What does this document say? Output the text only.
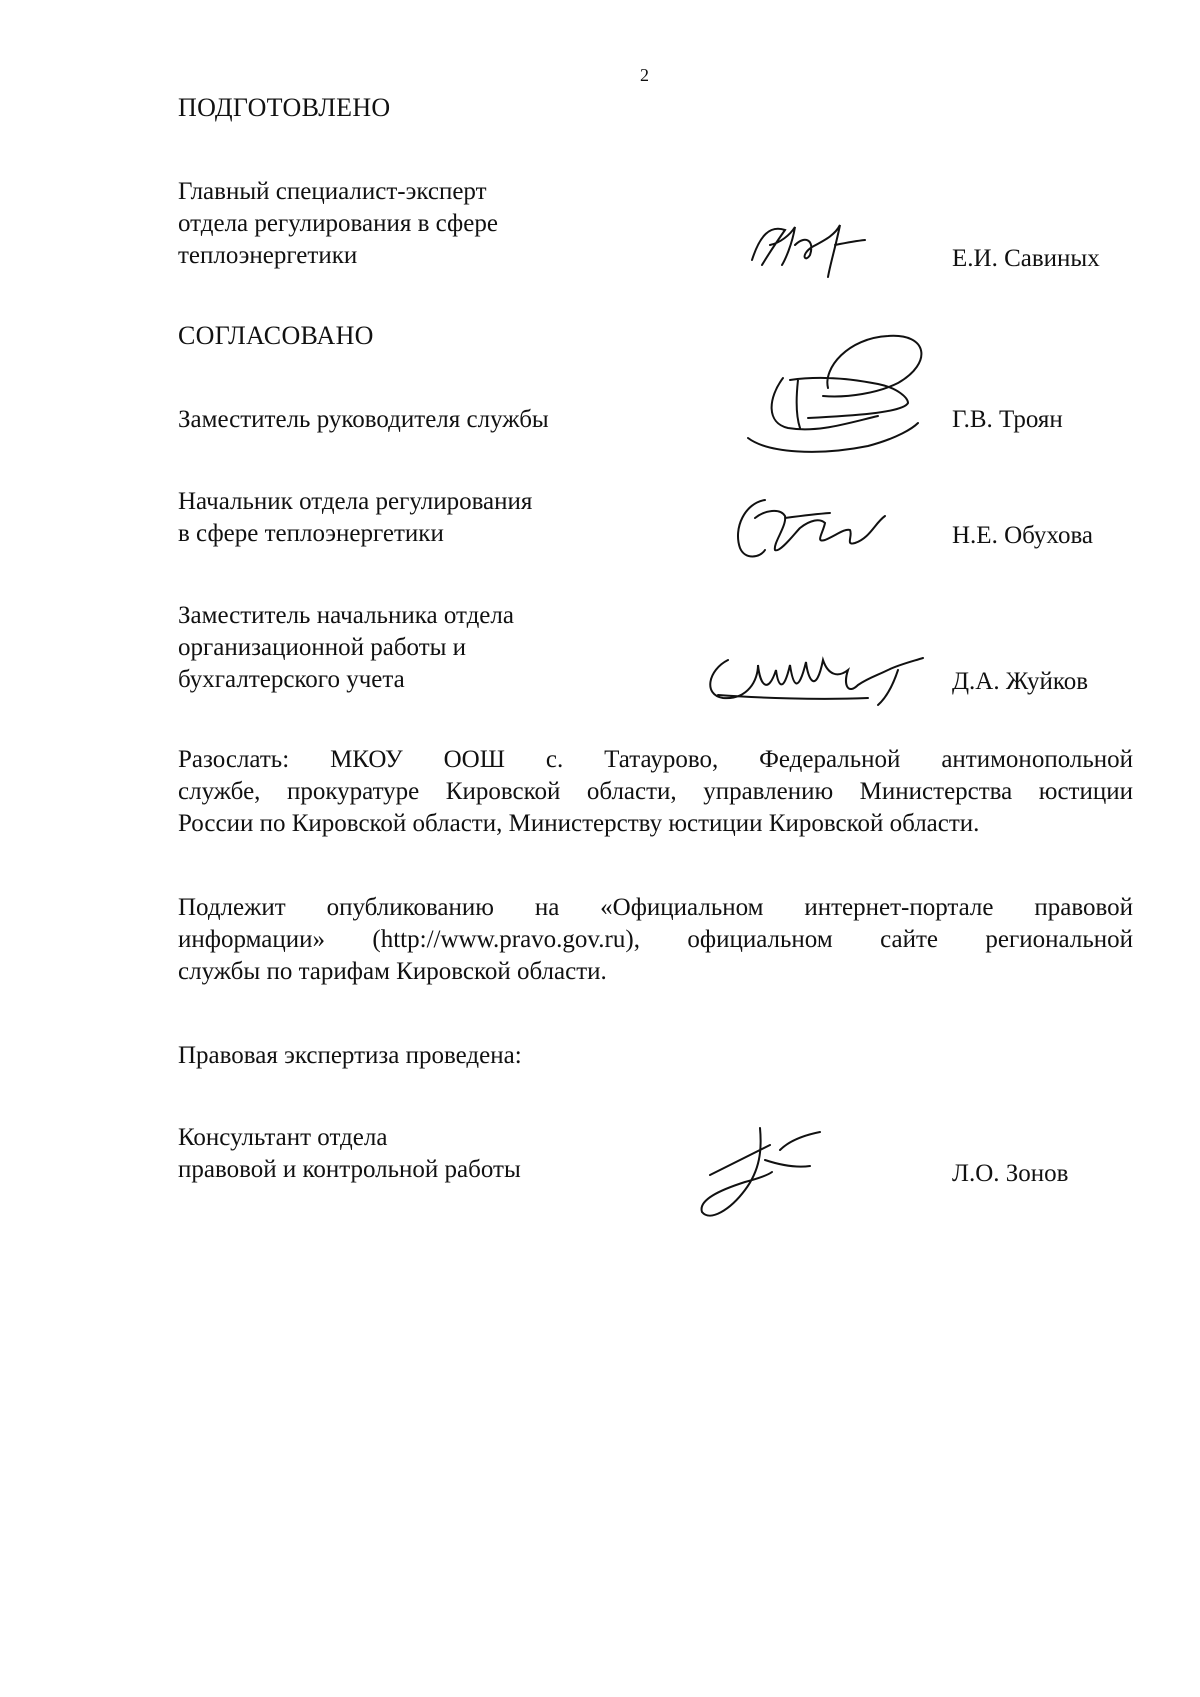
2
ПОДГОТОВЛЕНО
Главный специалист-эксперт
отдела регулирования в сфере
теплоэнергетики	Е.И. Савиных
СОГЛАСОВАНО
Заместитель руководителя службы	Г.В. Троян
Начальник отдела регулирования
в сфере теплоэнергетики	Н.Е. Обухова
Заместитель начальника отдела
организационной работы и
бухгалтерского учета	Д.А. Жуйков
Разослать: МКОУ ООШ с. Татаурово, Федеральной антимонопольной
службе, прокуратуре Кировской области, управлению Министерства юстиции
России по Кировской области, Министерству юстиции Кировской области.
Подлежит опубликованию на «Официальном интернет-портале правовой
информации» (http://www.pravo.gov.ru), официальном сайте региональной
службы по тарифам Кировской области.
Правовая экспертиза проведена:
Консультант отдела
правовой и контрольной работы	Л.О. Зонов
